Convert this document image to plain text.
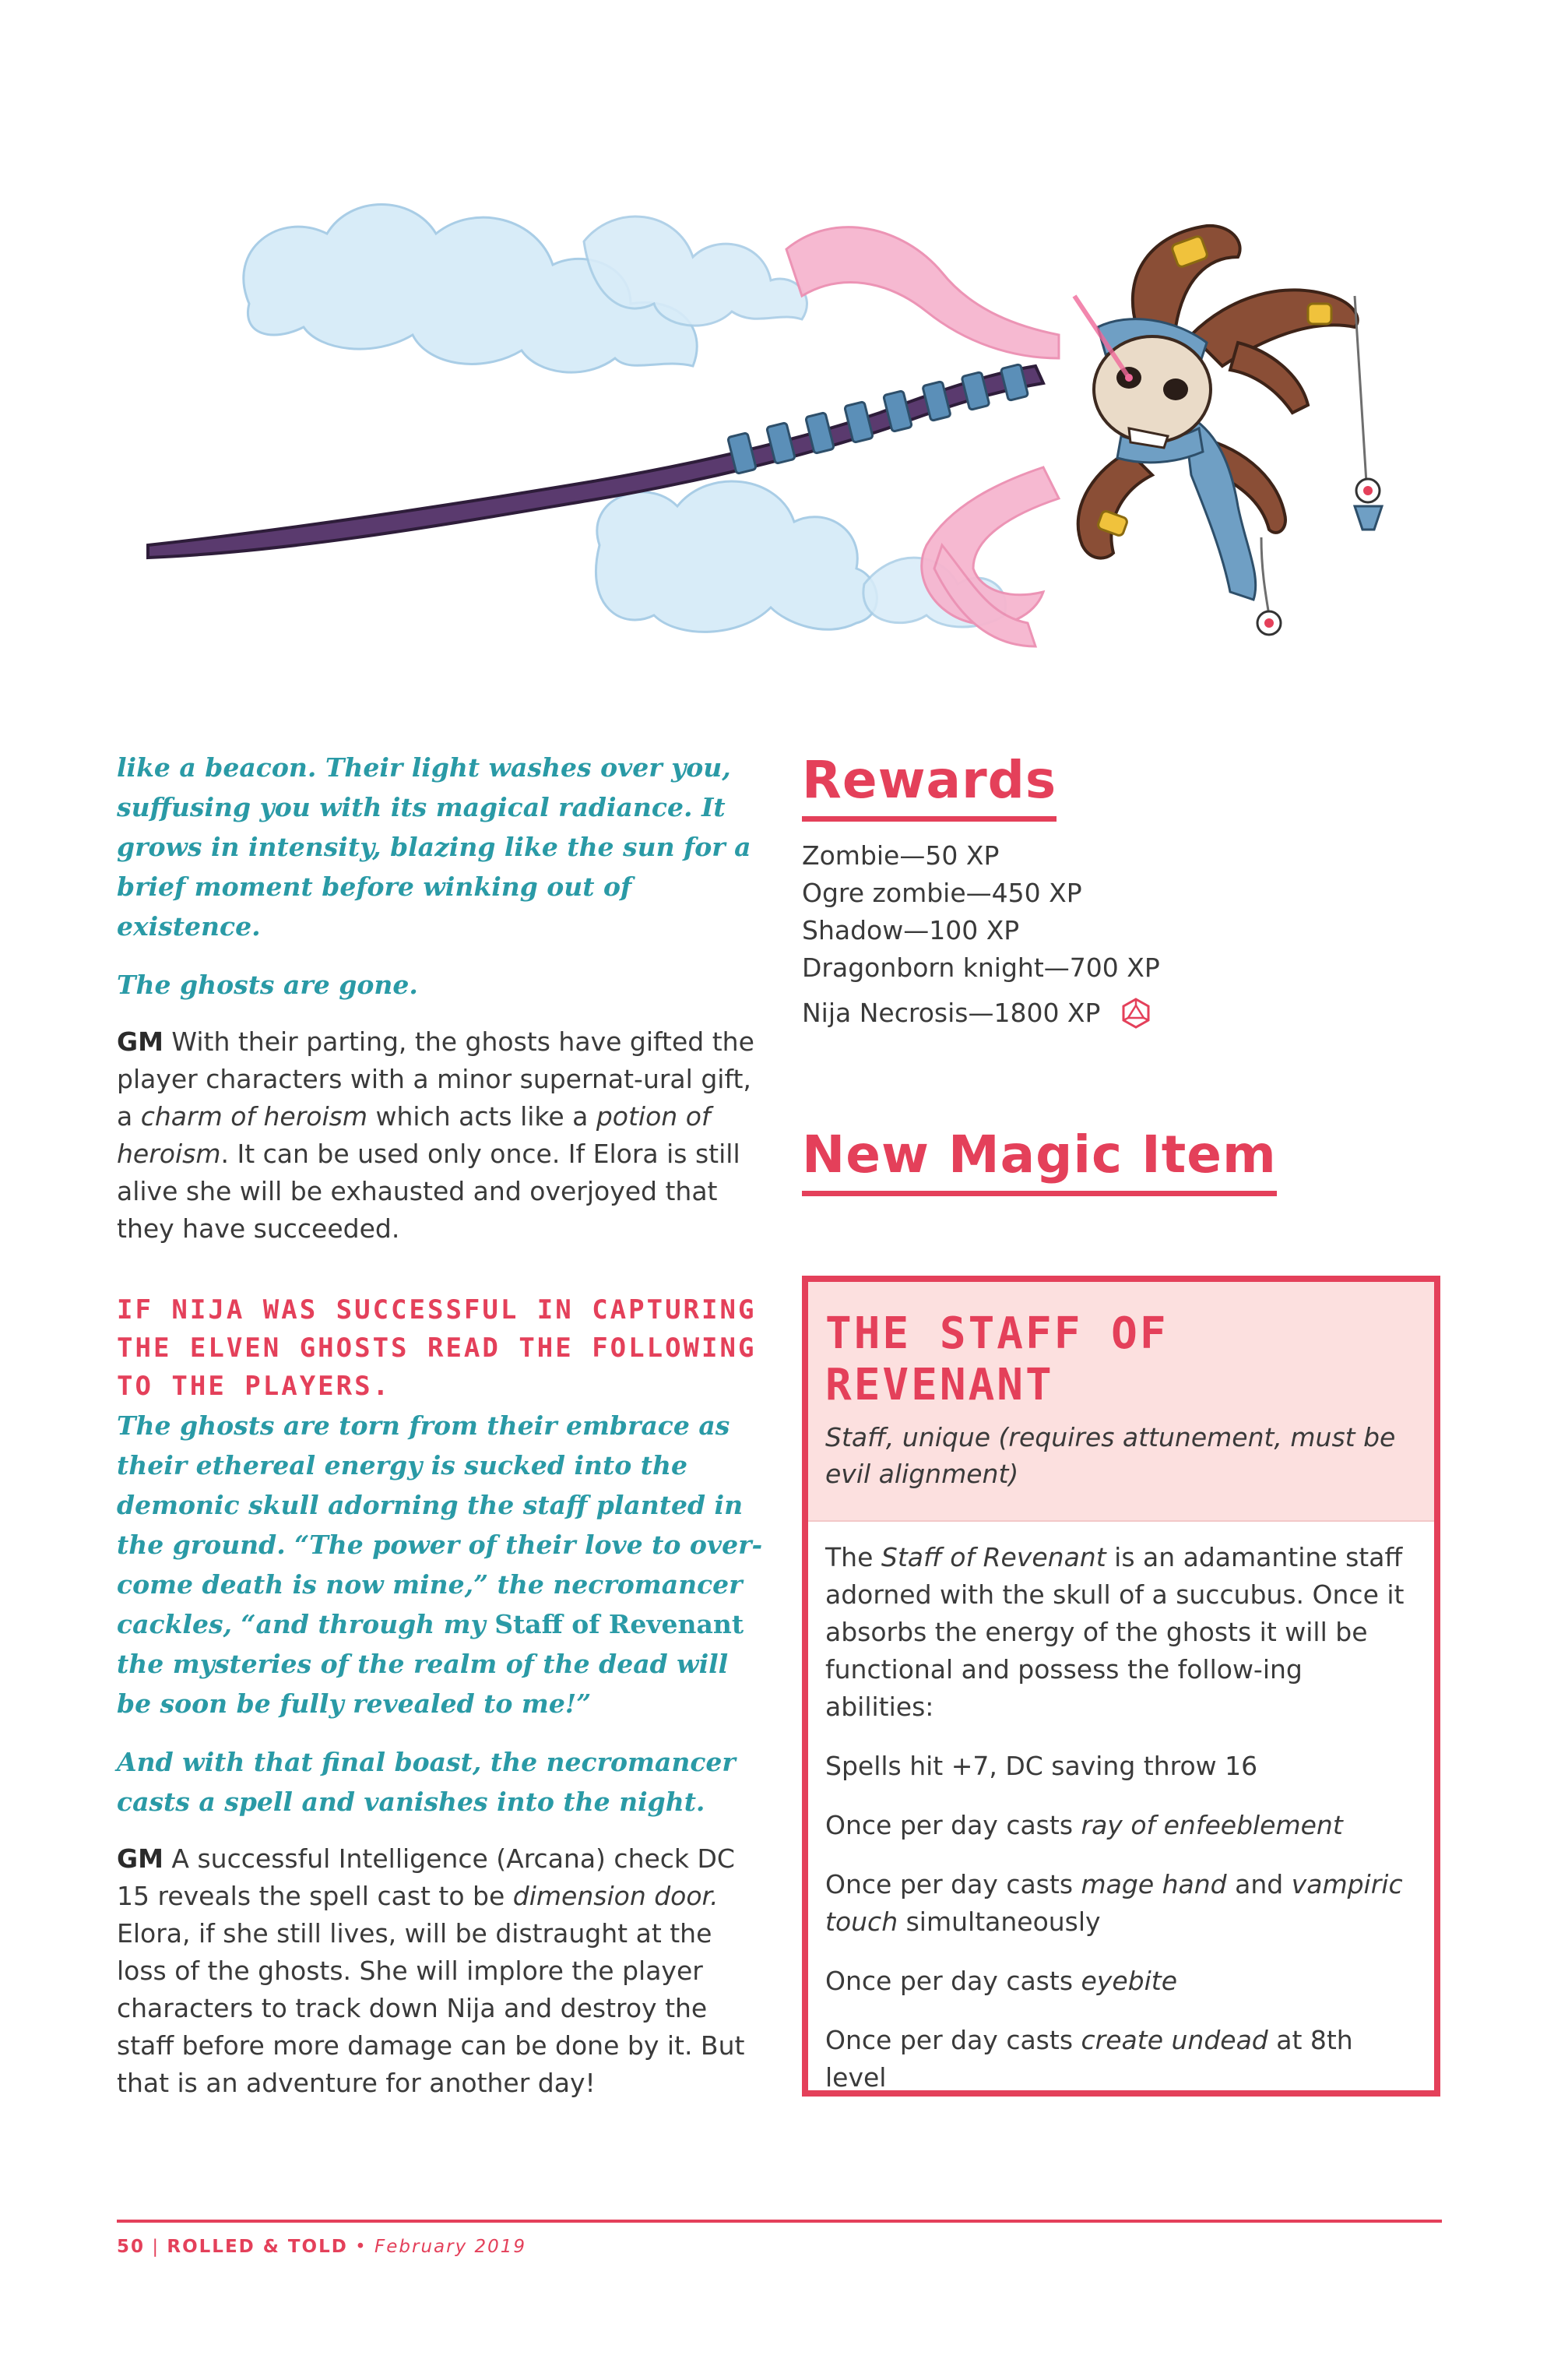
like a beacon. Their light washes over you, suffusing you with its magical radiance. It grows in intensity, blazing like the sun for a brief moment before winking out of existence.

The ghosts are gone.

GM With their parting, the ghosts have gifted the player characters with a minor supernat-ural gift, a charm of heroism which acts like a potion of heroism. It can be used only once. If Elora is still alive she will be exhausted and overjoyed that they have succeeded.

IF NIJA WAS SUCCESSFUL IN CAPTURING THE ELVEN GHOSTS READ THE FOLLOWING TO THE PLAYERS.

The ghosts are torn from their embrace as their ethereal energy is sucked into the demonic skull adorning the staff planted in the ground. “The power of their love to over-come death is now mine,” the necromancer cackles, “and through my Staff of Revenant the mysteries of the realm of the dead will be soon be fully revealed to me!”

And with that final boast, the necromancer casts a spell and vanishes into the night.

GM A successful Intelligence (Arcana) check DC 15 reveals the spell cast to be dimension door. Elora, if she still lives, will be distraught at the loss of the ghosts. She will implore the player characters to track down Nija and destroy the staff before more damage can be done by it. But that is an adventure for another day!

Rewards
Zombie—50 XP
Ogre zombie—450 XP
Shadow—100 XP
Dragonborn knight—700 XP
Nija Necrosis—1800 XP
New Magic Item
THE STAFF OF REVENANT
Staff, unique (requires attunement, must be evil alignment)

The Staff of Revenant is an adamantine staff adorned with the skull of a succubus. Once it absorbs the energy of the ghosts it will be functional and possess the follow-ing abilities:

Spells hit +7, DC saving throw 16

Once per day casts ray of enfeeblement

Once per day casts mage hand and vampiric touch simultaneously

Once per day casts eyebite

Once per day casts create undead at 8th level

50 | ROLLED & TOLD • February 2019
